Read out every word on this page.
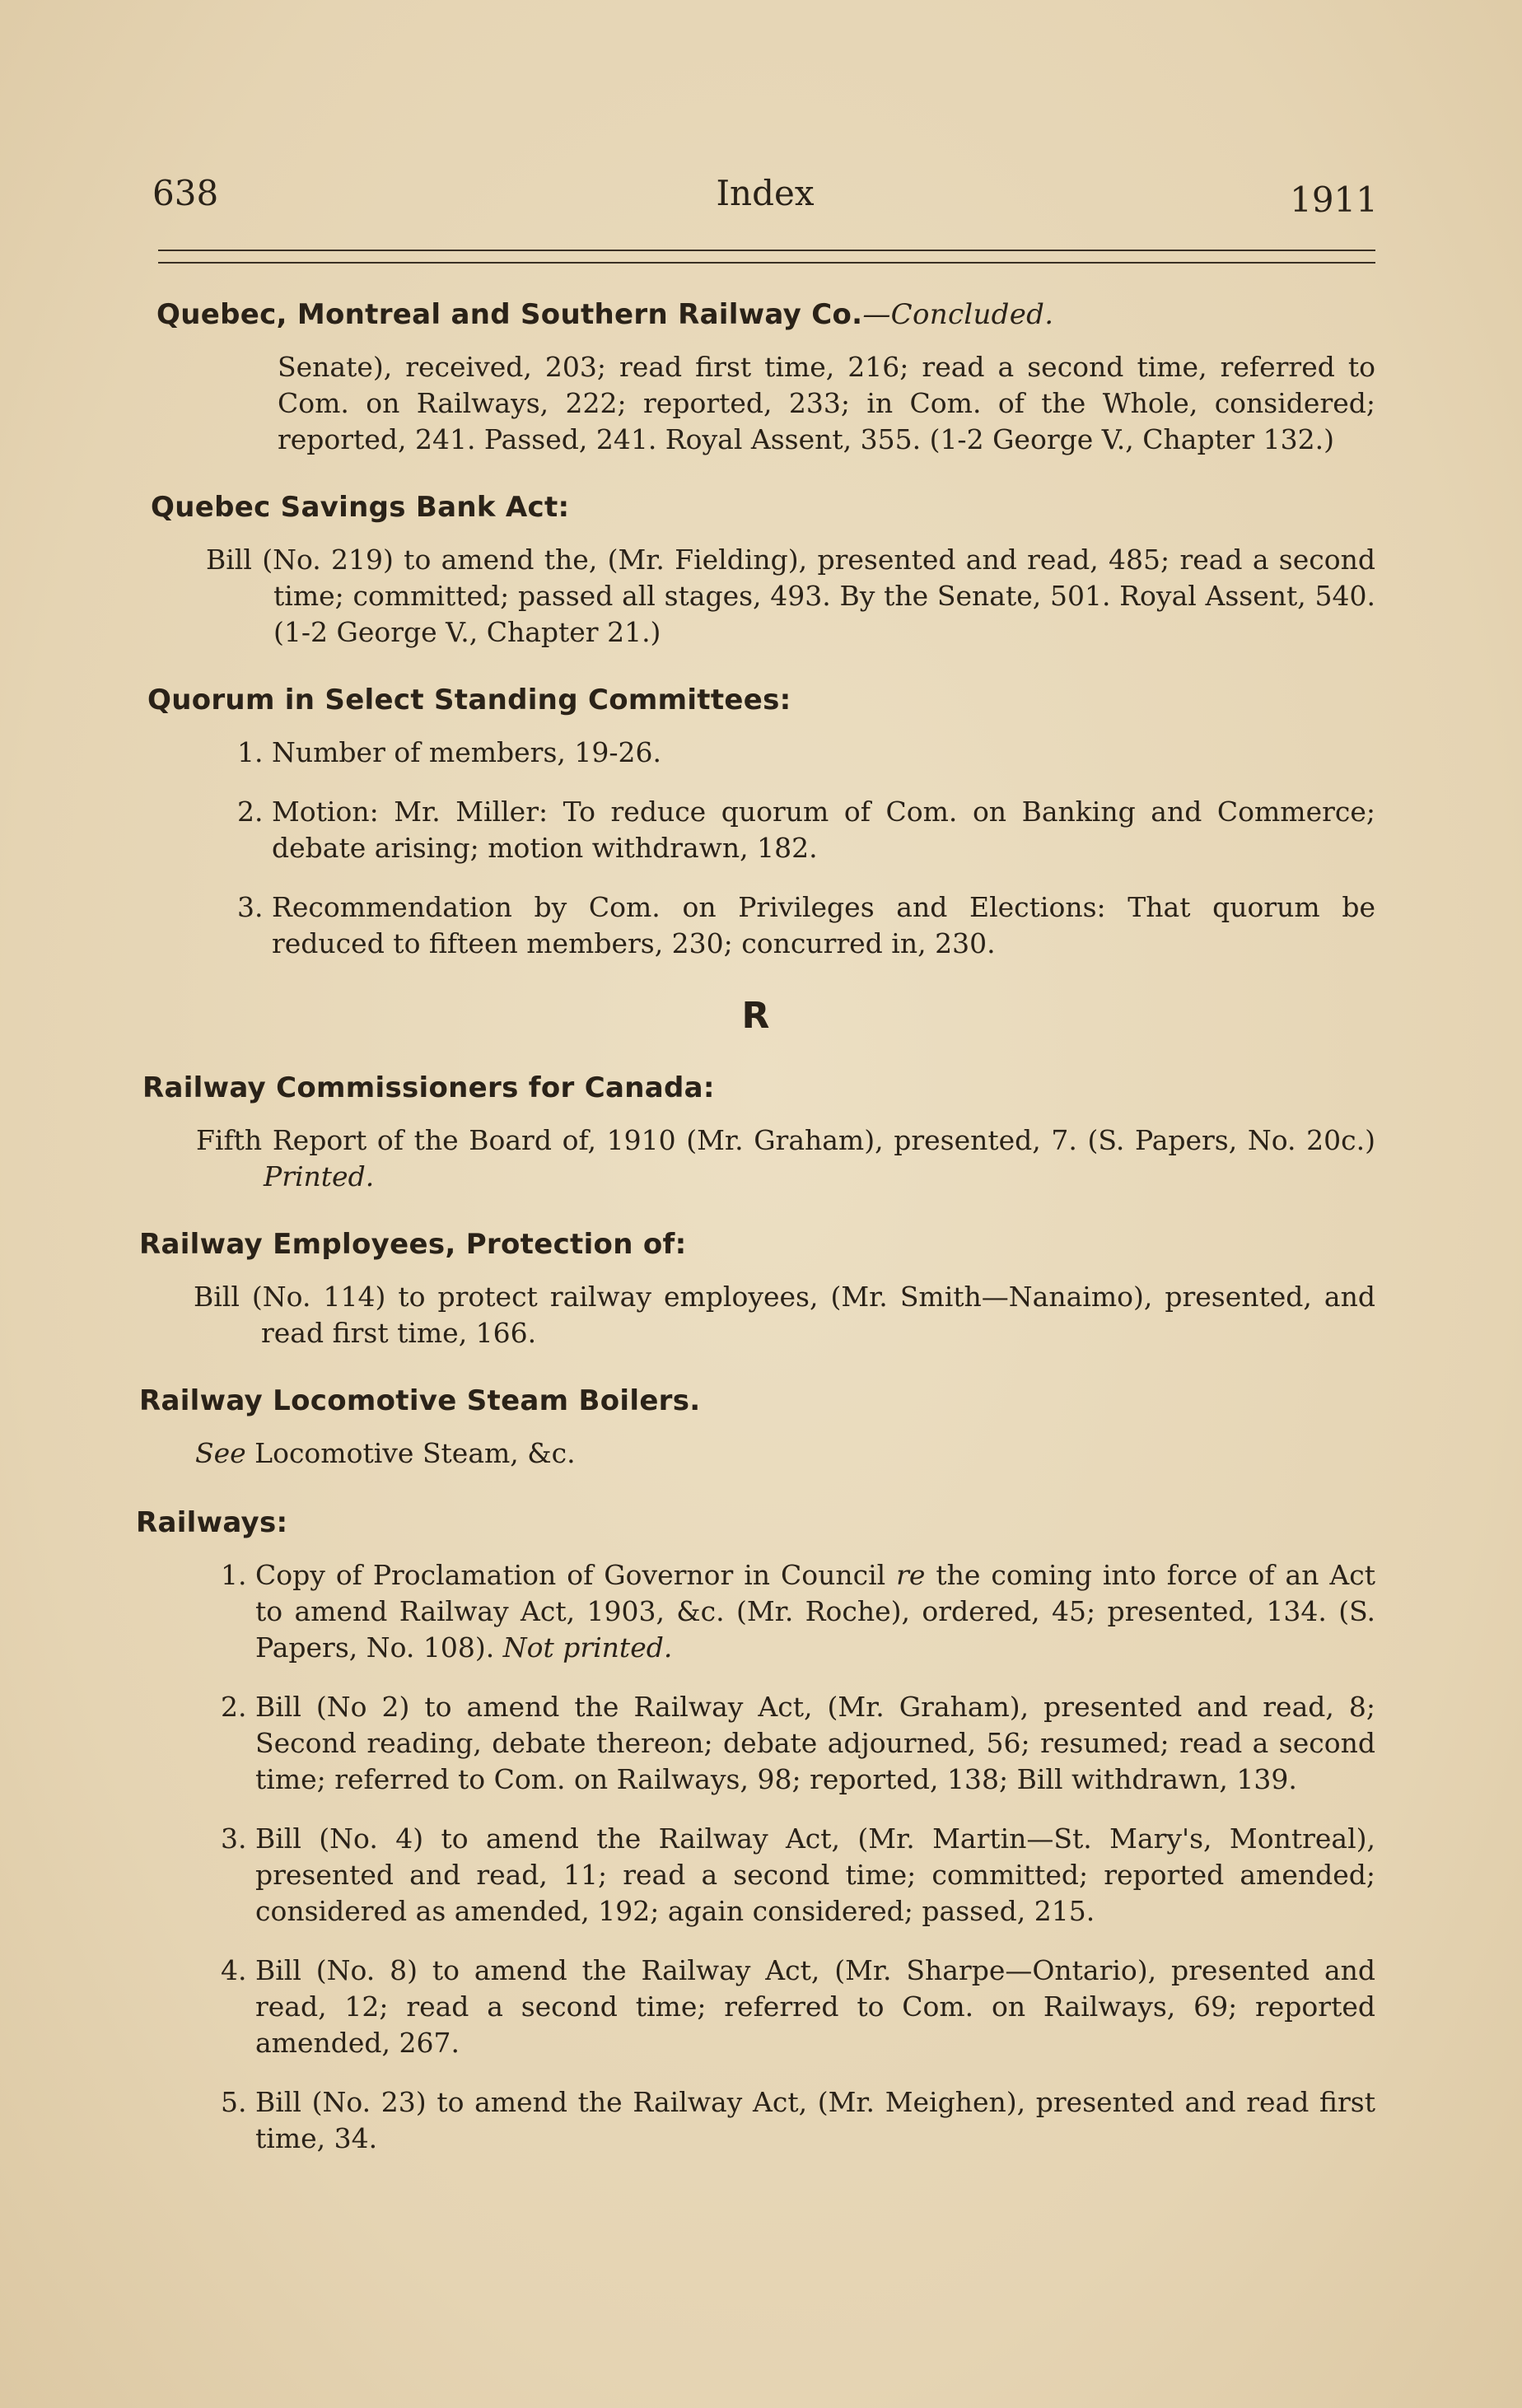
Index
638	1911
Quebec, Montreal and Southern Railway Co.—Concluded.

Senate), received, 203; read first time, 216; read a second time, referred to Com. on Railways, 222; reported, 233; in Com. of the Whole, considered; reported, 241. Passed, 241. Royal Assent, 355. (1-2 George V., Chapter 132.)

Quebec Savings Bank Act:

Bill (No. 219) to amend the, (Mr. Fielding), presented and read, 485; read a second time; committed; passed all stages, 493. By the Senate, 501. Royal Assent, 540. (1-2 George V., Chapter 21.)

Quorum in Select Standing Committees:
1. Number of members, 19-26.
2. Motion: Mr. Miller: To reduce quorum of Com. on Banking and Commerce; debate arising; motion withdrawn, 182.
3. Recommendation by Com. on Privileges and Elections: That quorum be reduced to fifteen members, 230; concurred in, 230.
R
Railway Commissioners for Canada:

Fifth Report of the Board of, 1910 (Mr. Graham), presented, 7. (S. Papers, No. 20c.) Printed.

Railway Employees, Protection of:

Bill (No. 114) to protect railway employees, (Mr. Smith—Nanaimo), presented, and read first time, 166.

Railway Locomotive Steam Boilers.

See Locomotive Steam, &c.

Railways:
1. Copy of Proclamation of Governor in Council re the coming into force of an Act to amend Railway Act, 1903, &c. (Mr. Roche), ordered, 45; presented, 134. (S. Papers, No. 108). Not printed.
2. Bill (No 2) to amend the Railway Act, (Mr. Graham), presented and read, 8; Second reading, debate thereon; debate adjourned, 56; resumed; read a second time; referred to Com. on Railways, 98; reported, 138; Bill withdrawn, 139.
3. Bill (No. 4) to amend the Railway Act, (Mr. Martin—St. Mary's, Montreal), presented and read, 11; read a second time; committed; reported amended; considered as amended, 192; again considered; passed, 215.
4. Bill (No. 8) to amend the Railway Act, (Mr. Sharpe—Ontario), presented and read, 12; read a second time; referred to Com. on Railways, 69; reported amended, 267.
5. Bill (No. 23) to amend the Railway Act, (Mr. Meighen), presented and read first time, 34.
